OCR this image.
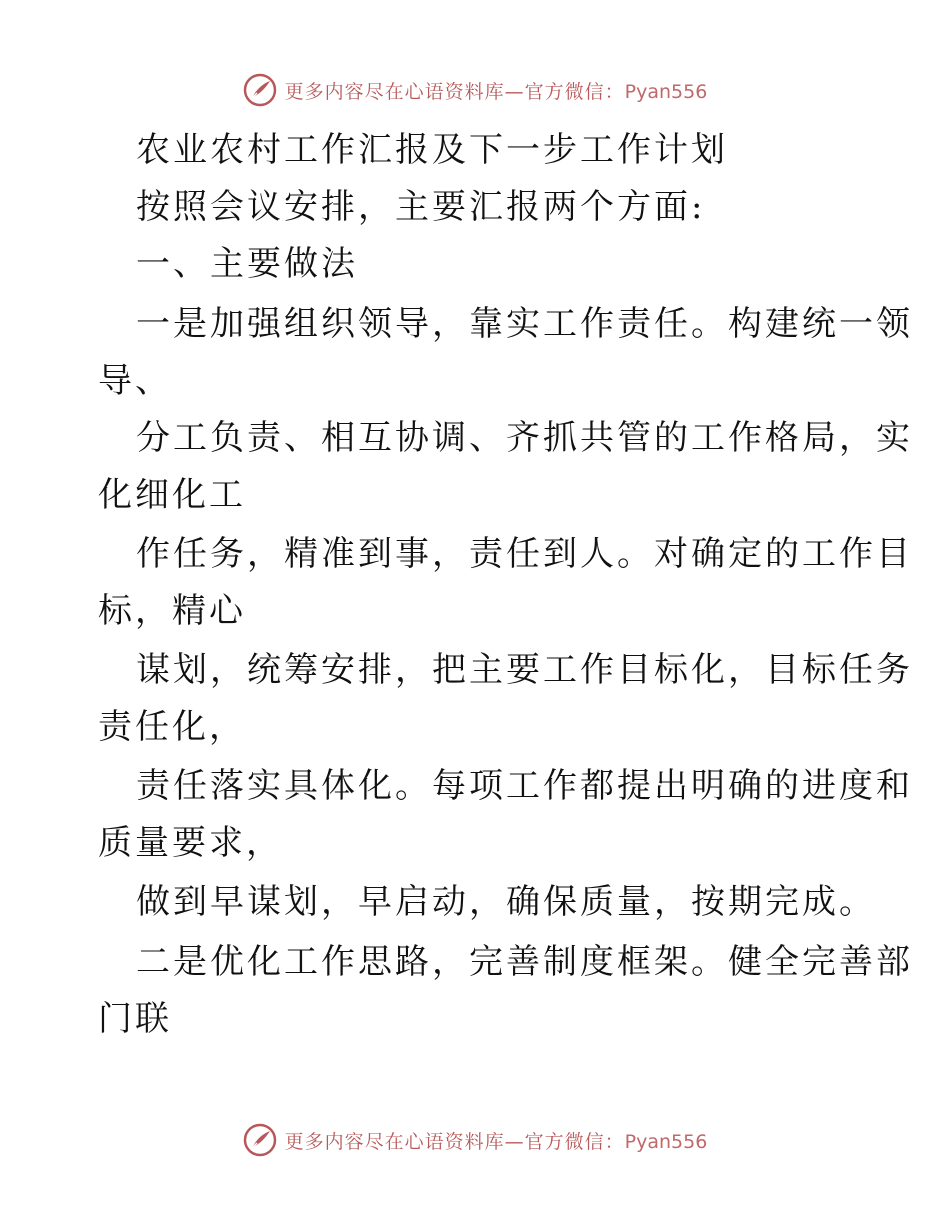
更多内容尽在心语资料库—官方微信：Pyan556
农业农村工作汇报及下一步工作计划
按照会议安排，主要汇报两个方面:
一、主要做法
一是加强组织领导，靠实工作责任。构建统一领
导、
分工负责、相互协调、齐抓共管的工作格局，实
化细化工
作任务，精准到事，责任到人。对确定的工作目
标，精心
谋划，统筹安排，把主要工作目标化，目标任务
责任化，
责任落实具体化。每项工作都提出明确的进度和
质量要求，
做到早谋划，早启动，确保质量，按期完成。
二是优化工作思路，完善制度框架。健全完善部
门联
更多内容尽在心语资料库—官方微信：Pyan556
